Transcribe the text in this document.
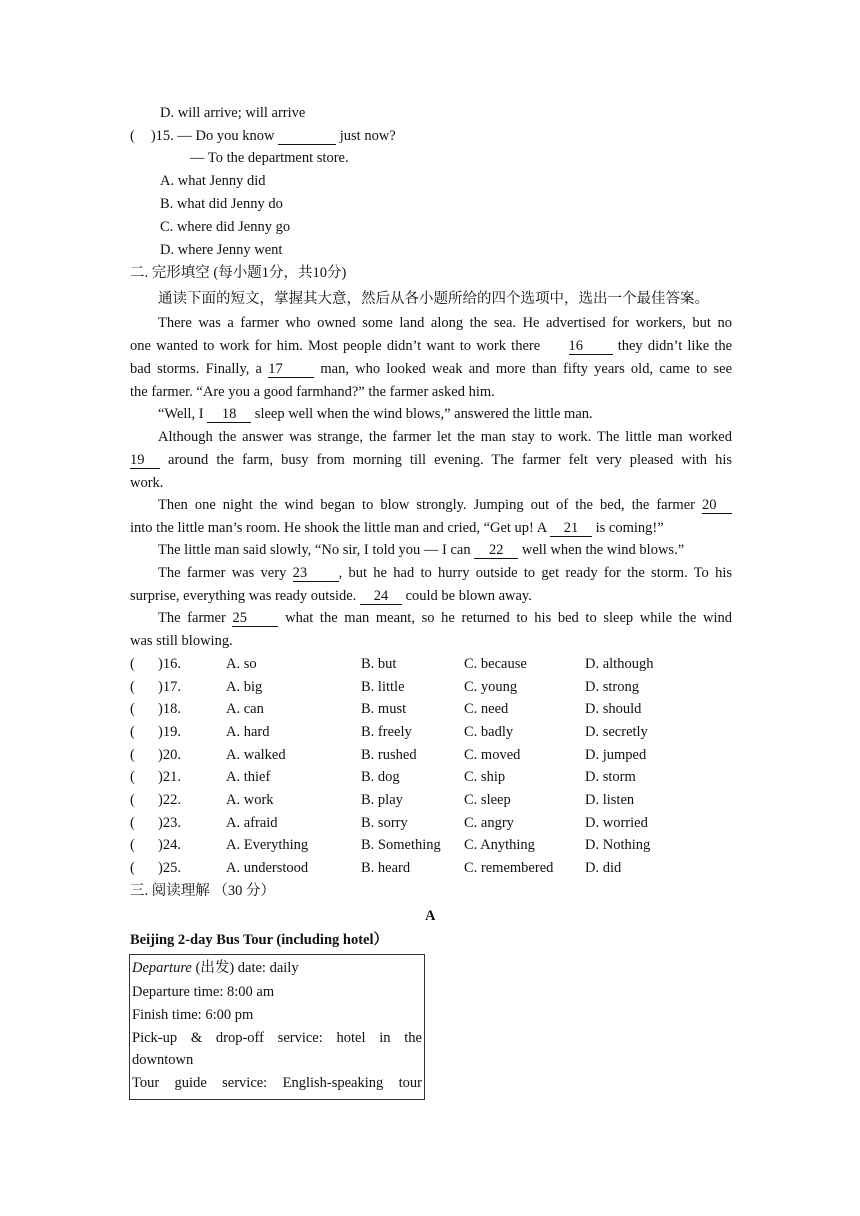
D. will arrive; will arrive
( )15. — Do you know	just now?
— To the department store.
A. what Jenny did
B. what did Jenny do
C. where did Jenny go
D. where Jenny went
二. 完形填空 (每小题1分，共10分)
通读下面的短文，掌握其大意，然后从各小题所给的四个选项中，选出一个最佳答案。
There was a farmer who owned some land along the sea. He advertised for workers, but no
one wanted to work for him. Most people didn’t want to work there 16 they didn’t like the
bad storms. Finally, a 17	man, who looked weak and more than fifty years old, came to see
the farmer. “Are you a good farmhand?” the farmer asked him.
“Well, I 18 sleep well when the wind blows,” answered the little man.
Although the answer was strange, the farmer let the man stay to work. The little man worked
19 around the farm, busy from morning till evening. The farmer felt very pleased with his
work.
Then one night the wind began to blow strongly. Jumping out of the bed, the farmer 20
into the little man’s room. He shook the little man and cried, “Get up! A 21 is coming!”
The little man said slowly, “No sir, I told you — I can 22 well when the wind blows.”
The farmer was very 23 , but he had to hurry outside to get ready for the storm. To his
surprise, everything was ready outside. 24 could be blown away.
The farmer 25	what the man meant, so he returned to his bed to sleep while the wind
was still blowing.
( )16.	A. so	B. but	C. because	D. although
( )17.	A. big	B. little	C. young	D. strong
( )18.	A. can	B. must	C. need	D. should
( )19.	A. hard	B. freely	C. badly	D. secretly
( )20.	A. walked	B. rushed	C. moved	D. jumped
( )21.	A. thief	B. dog	C. ship	D. storm
( )22.	A. work	B. play	C. sleep	D. listen
( )23.	A. afraid	B. sorry	C. angry	D. worried
( )24.	A. Everything	B. Something C. Anything	D. Nothing
( )25.	A. understood	B. heard	C. remembered D. did
三. 阅读理解 （30 分）
A
Beijing 2-day Bus Tour (including hotel）
Departure (出发) date: daily
Departure time: 8:00 am
Finish time: 6:00 pm
Pick-up & drop-off service: hotel in the
downtown
Tour guide service: English-speaking tour
